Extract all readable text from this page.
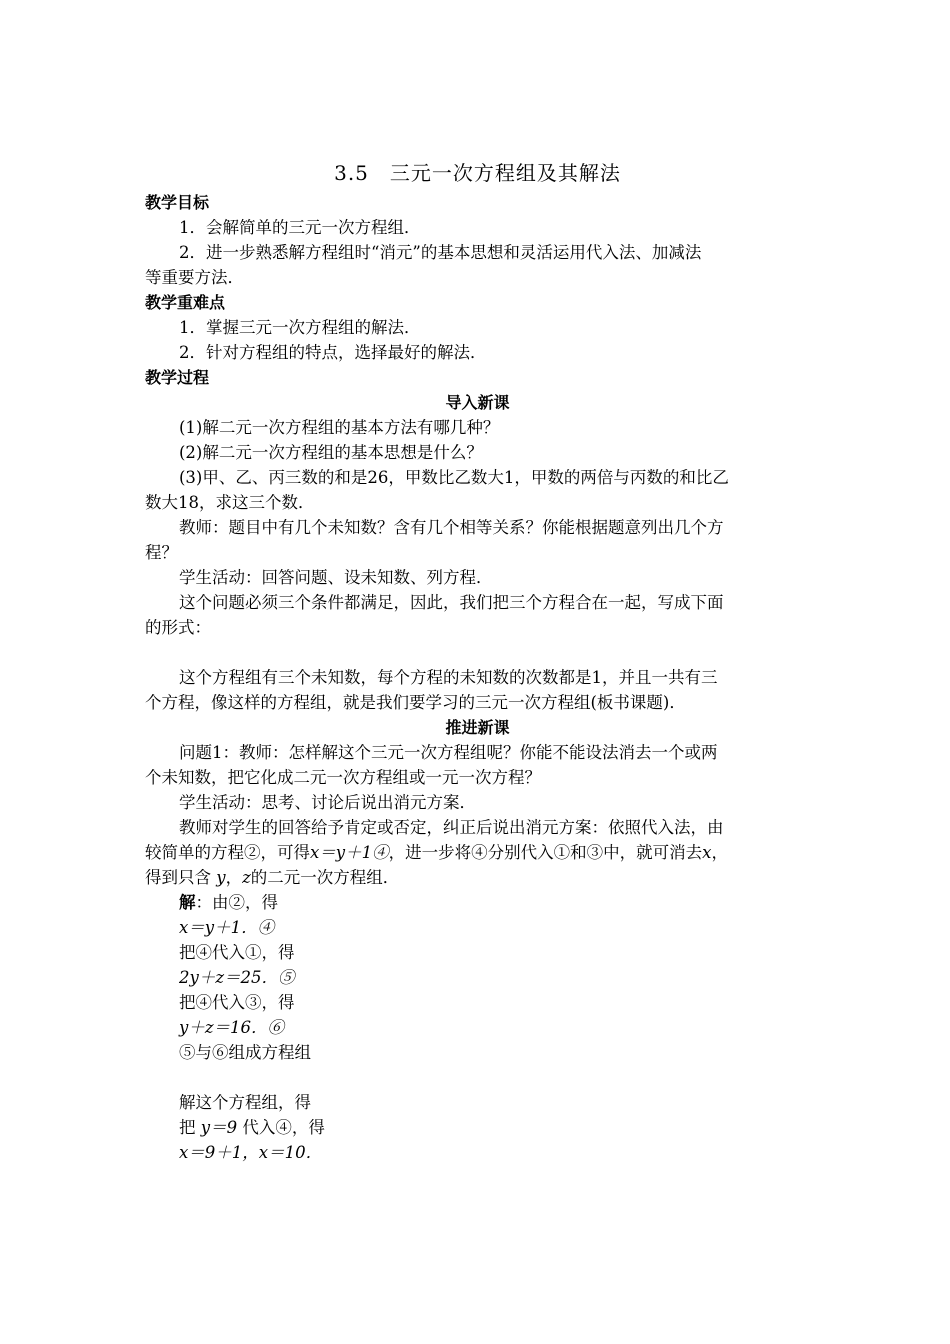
3.5　三元一次方程组及其解法
教学目标
1．会解简单的三元一次方程组．
2．进一步熟悉解方程组时“消元”的基本思想和灵活运用代入法、加减法
等重要方法．
教学重难点
1．掌握三元一次方程组的解法．
2．针对方程组的特点，选择最好的解法．
教学过程
导入新课
(1)解二元一次方程组的基本方法有哪几种？
(2)解二元一次方程组的基本思想是什么？
(3)甲、乙、丙三数的和是26，甲数比乙数大1，甲数的两倍与丙数的和比乙
数大18，求这三个数．
教师：题目中有几个未知数？含有几个相等关系？你能根据题意列出几个方
程？
学生活动：回答问题、设未知数、列方程．
这个问题必须三个条件都满足，因此，我们把三个方程合在一起，写成下面
的形式：
这个方程组有三个未知数，每个方程的未知数的次数都是1，并且一共有三
个方程，像这样的方程组，就是我们要学习的三元一次方程组(板书课题)．
推进新课
问题1：教师：怎样解这个三元一次方程组呢？你能不能设法消去一个或两
个未知数，把它化成二元一次方程组或一元一次方程？
学生活动：思考、讨论后说出消元方案．
教师对学生的回答给予肯定或否定，纠正后说出消元方案：依照代入法，由
较简单的方程②，可得x＝y＋1④，进一步将④分别代入①和③中，就可消去x，
得到只含 y，z的二元一次方程组．
解：由②，得
x＝y＋1．④
把④代入①，得
2y＋z＝25．⑤
把④代入③，得
y＋z＝16．⑥
⑤与⑥组成方程组
解这个方程组，得
把 y＝9 代入④，得
x＝9＋1，x＝10．
